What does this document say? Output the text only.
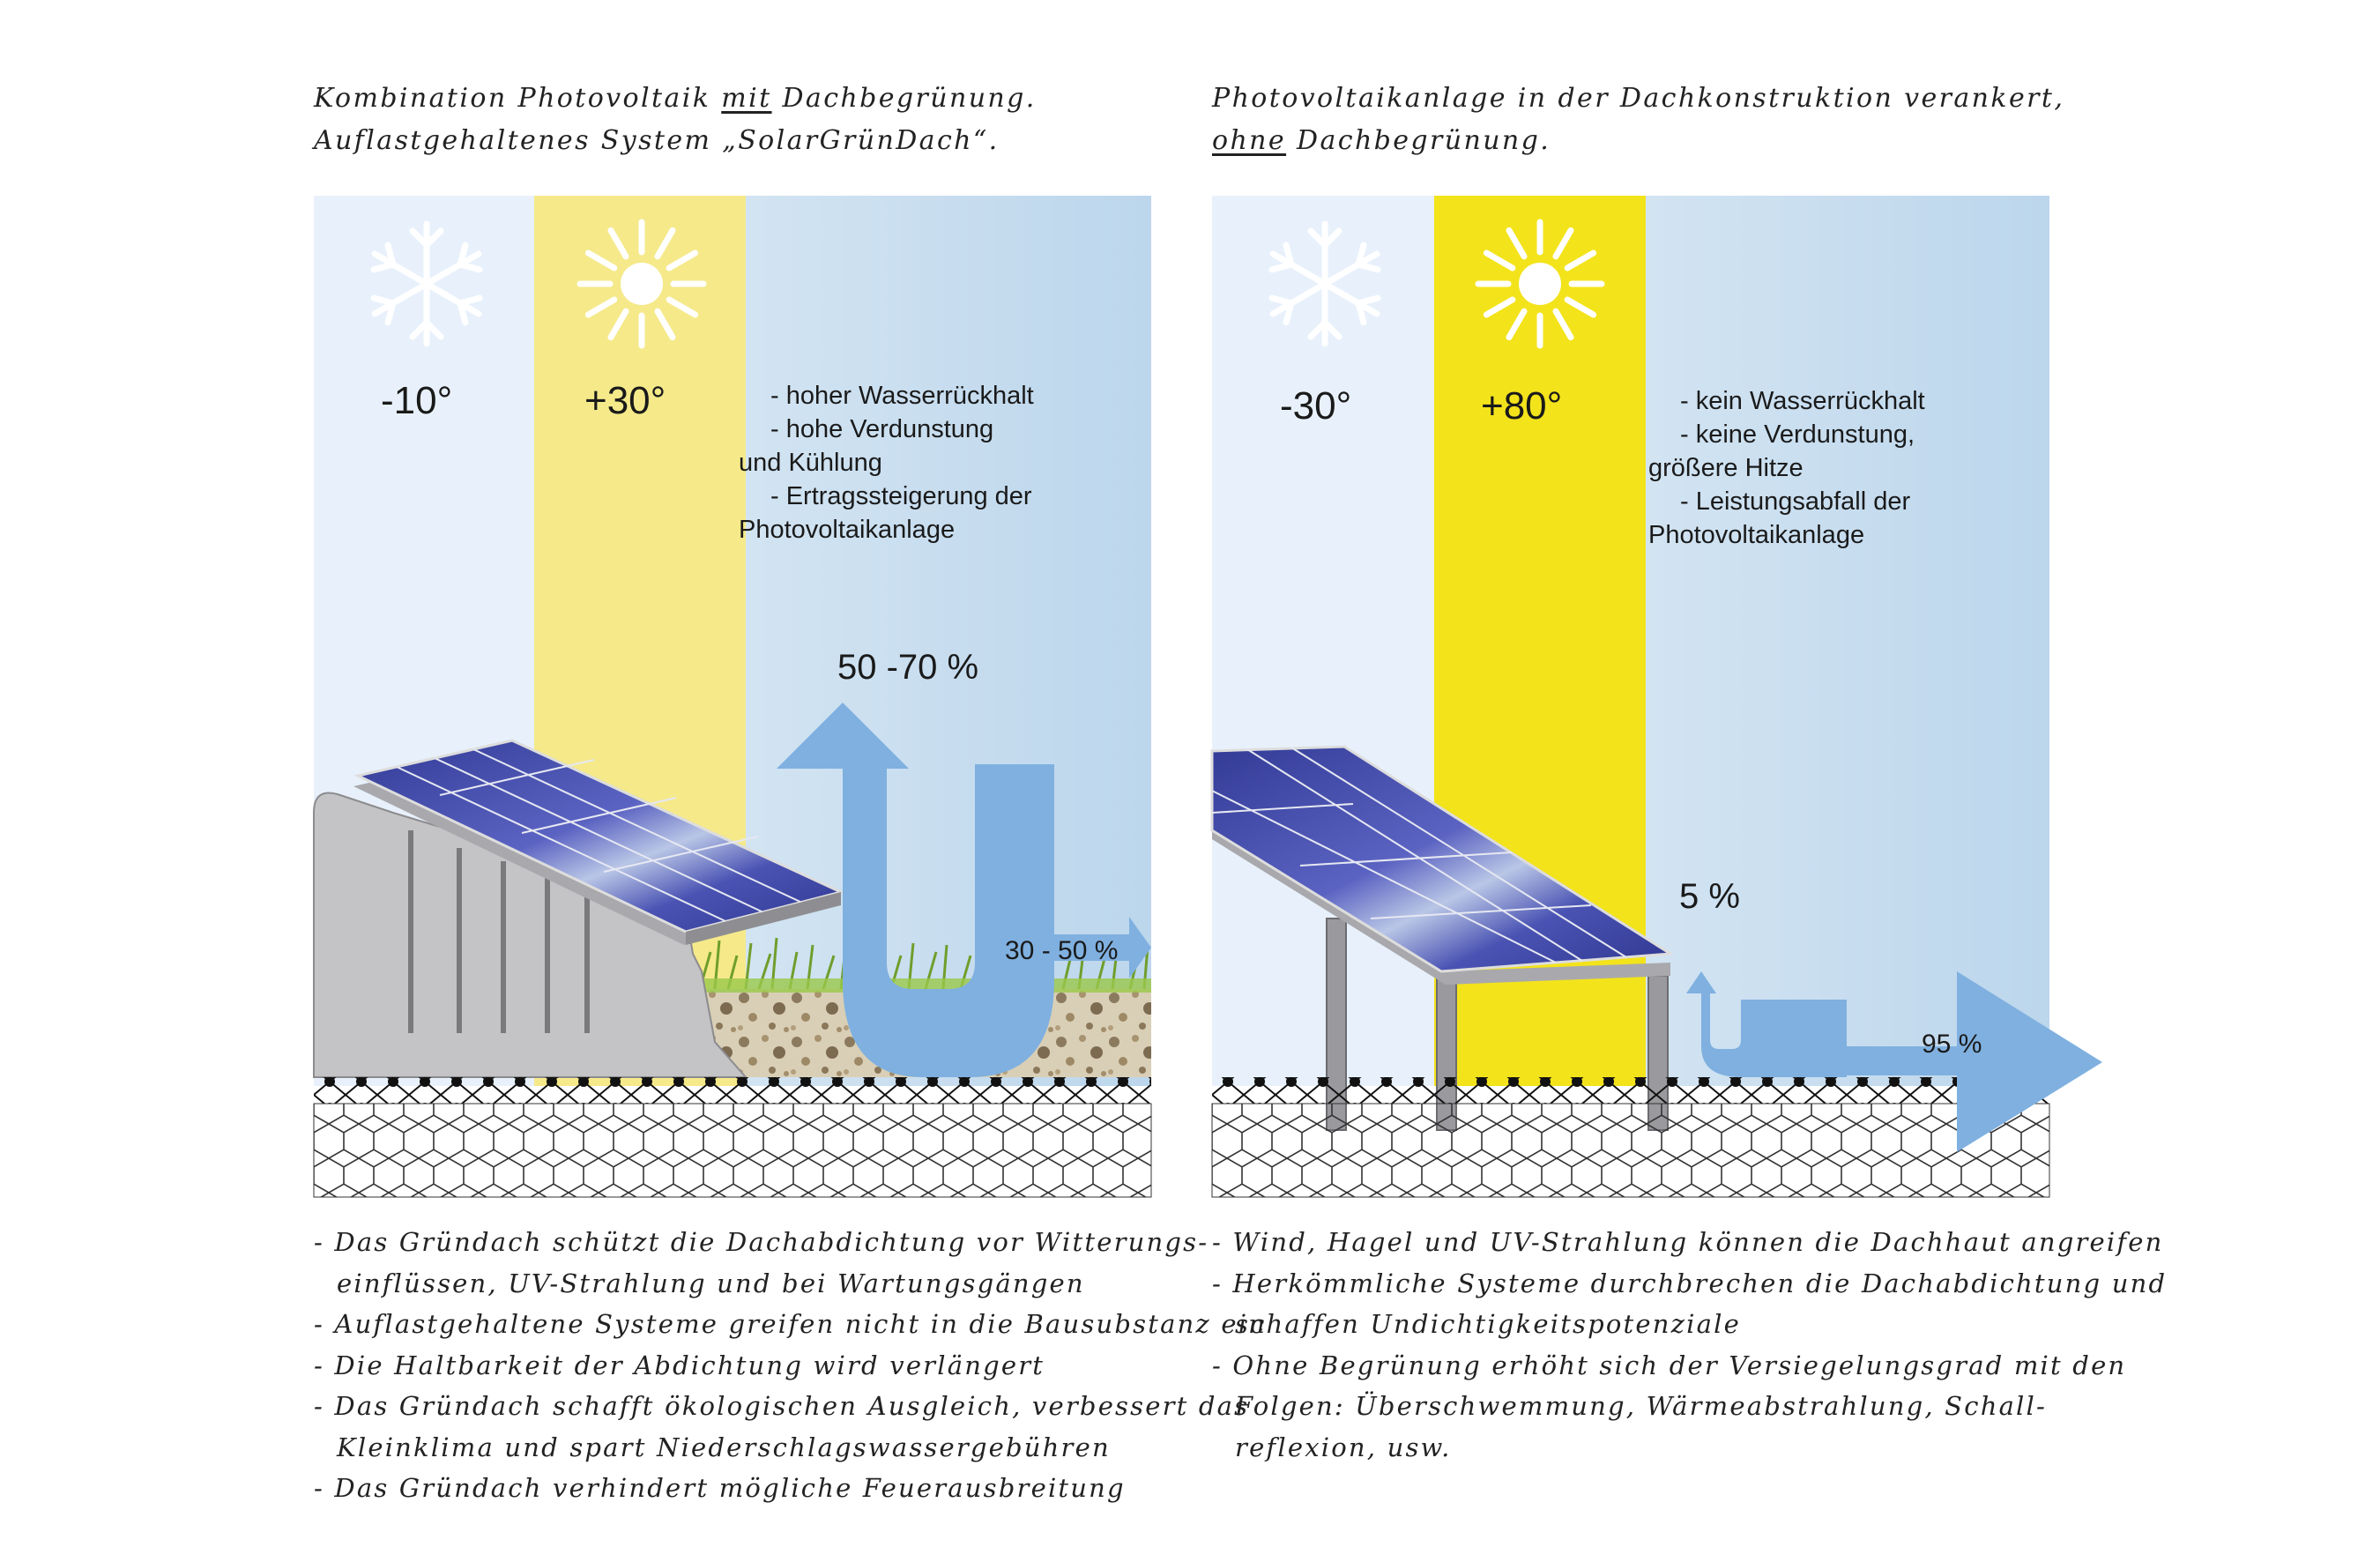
Kombination Photovoltaik mit Dachbegrünung.
Auflastgehaltenes System „SolarGrünDach“.
Photovoltaikanlage in der Dachkonstruktion verankert,
ohne Dachbegrünung.
-10°	+30°	- hoher Wasserrückhalt
- hohe Verdunstung
und Kühlung
- Ertragssteigerung der
Photovoltaikanlage
50 -70 %
30 - 50 %
-30°	+80°	- kein Wasserrückhalt
- keine Verdunstung,
größere Hitze
- Leistungsabfall der
Photovoltaikanlage
5 %
95 %
- Das Gründach schützt die Dachabdichtung vor Witterungs-
einflüssen, UV-Strahlung und bei Wartungsgängen
- Auflastgehaltene Systeme greifen nicht in die Bausubstanz ein
- Die Haltbarkeit der Abdichtung wird verlängert
- Das Gründach schafft ökologischen Ausgleich, verbessert das
Kleinklima und spart Niederschlagswassergebühren
- Das Gründach verhindert mögliche Feuerausbreitung
- Wind, Hagel und UV-Strahlung können die Dachhaut angreifen
- Herkömmliche Systeme durchbrechen die Dachabdichtung und
schaffen Undichtigkeitspotenziale
- Ohne Begrünung erhöht sich der Versiegelungsgrad mit den
Folgen: Überschwemmung, Wärmeabstrahlung, Schall-
reflexion, usw.
